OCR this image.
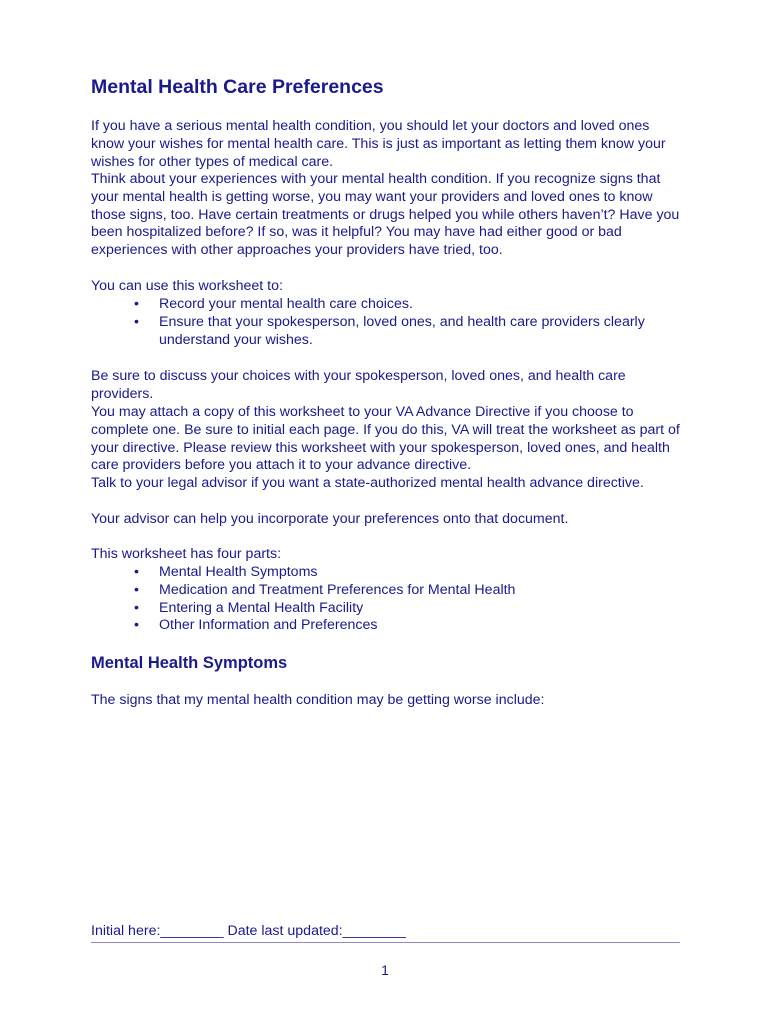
Mental Health Care Preferences

If you have a serious mental health condition, you should let your doctors and loved ones know your wishes for mental health care. This is just as important as letting them know your wishes for other types of medical care.

Think about your experiences with your mental health condition. If you recognize signs that your mental health is getting worse, you may want your providers and loved ones to know those signs, too. Have certain treatments or drugs helped you while others haven’t? Have you been hospitalized before? If so, was it helpful? You may have had either good or bad experiences with other approaches your providers have tried, too.

You can use this worksheet to:

• Record your mental health care choices.
• Ensure that your spokesperson, loved ones, and health care providers clearly understand your wishes.

Be sure to discuss your choices with your spokesperson, loved ones, and health care providers.

You may attach a copy of this worksheet to your VA Advance Directive if you choose to complete one. Be sure to initial each page. If you do this, VA will treat the worksheet as part of your directive. Please review this worksheet with your spokesperson, loved ones, and health care providers before you attach it to your advance directive.

Talk to your legal advisor if you want a state-authorized mental health advance directive.

Your advisor can help you incorporate your preferences onto that document.

This worksheet has four parts:

• Mental Health Symptoms
• Medication and Treatment Preferences for Mental Health
• Entering a Mental Health Facility
• Other Information and Preferences
Mental Health Symptoms

The signs that my mental health condition may be getting worse include:

Initial here:________ Date last updated:________
1
